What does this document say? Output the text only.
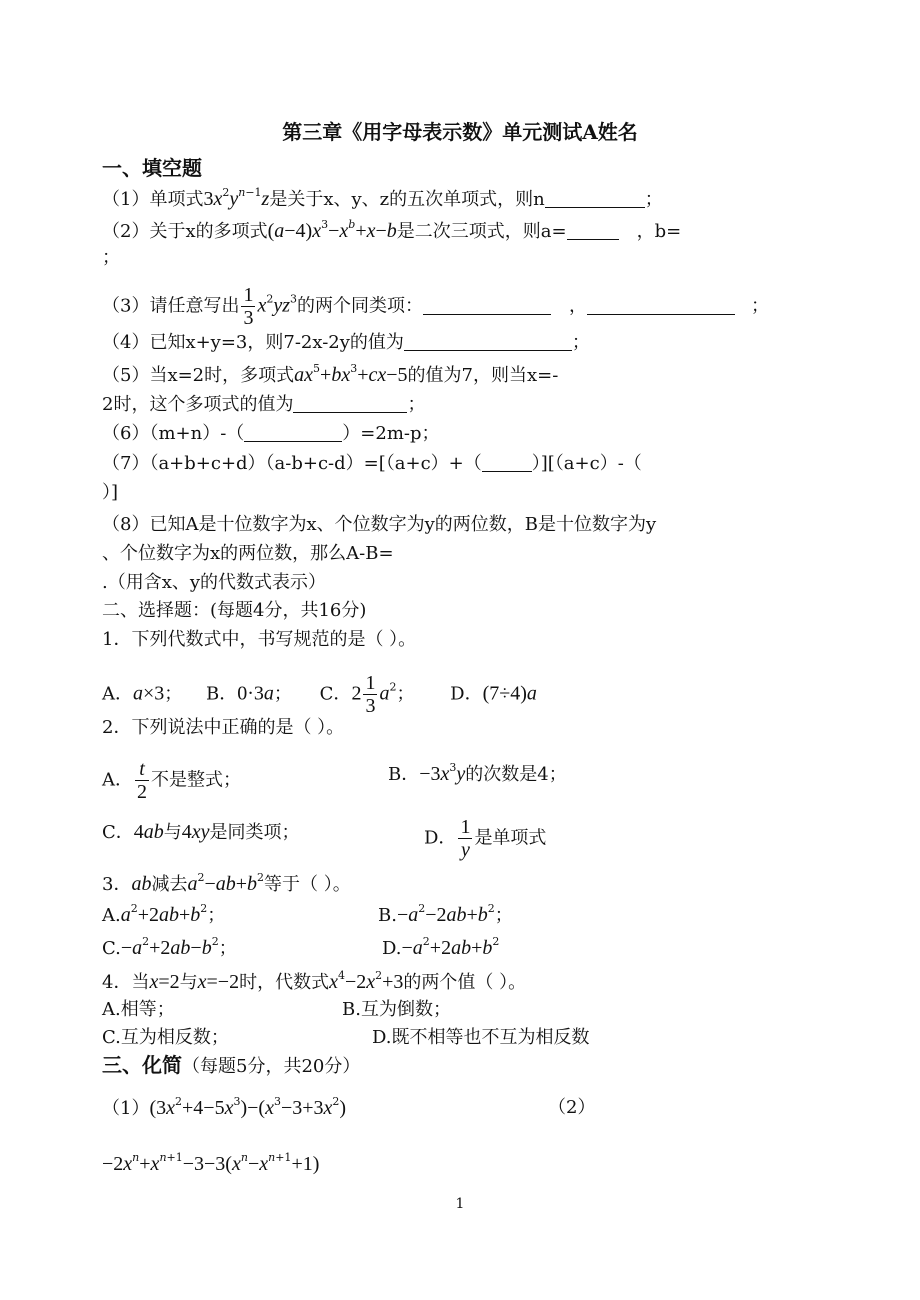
第三章《用字母表示数》单元测试A姓名
一、填空题
（1）单项式$3x^2y^{n-1}z$是关于x、y、z的五次单项式，则n	；
（2）关于x的多项式$(a-4)x^3-x^b+x-b$是二次三项式，则a=	，b=
；
（3）请任意写出 $\frac{1}{3} x^2yz^3$的两个同类项：	，	；
（4）已知x+y=3，则7-2x-2y的值为	；
（5）当x=2时，多项式$ax^5+bx^3+cx-5$的值为7，则当x=-
2时，这个多项式的值为	；
（6）（m+n）-（	）=2m-p；
（7）（a+b+c+d）（a-b+c-d）=[（a+c）+（	）][（a+c）-（
）]
（8）已知A是十位数字为x、个位数字为y的两位数，B是十位数字为y
、个位数字为x的两位数，那么A-B=
.（用含x、y的代数式表示）
二、选择题：(每题4分，共16分)
1．下列代数式中，书写规范的是（ ）。
A．a×3； B．0·3a； C．$2 \frac{1}{3} a^2$； D．(7÷4)a
2．下列说法中正确的是（ ）。
A． $\frac{t}{2}$ 不是整式；	B．$-3x^3y$的次数是4；
C．4ab与4xy是同类项；	D． $\frac{1}{y}$ 是单项式
3．ab减去$a^2-ab+b^2$等于（ ）。
$A.a^2+2ab+b^2$；	$B.-a^2-2ab+b^2$；
$C.-a^2+2ab-b^2$；	$D.-a^2+2ab+b^2$
4．当x=2与x=−2时，代数式$x^4-2x^2+3$的两个值（ ）。
A.相等；	B.互为倒数；
C.互为相反数；	D.既不相等也不互为相反数
三、化简（每题5分，共20分）
$(1)(3x^2+4-5x^3)-(x^3-3+3x^2)$	（2）
$-2x^n+x^{n+1}-3-3(x^n-x^{n+1}+1)$
1
